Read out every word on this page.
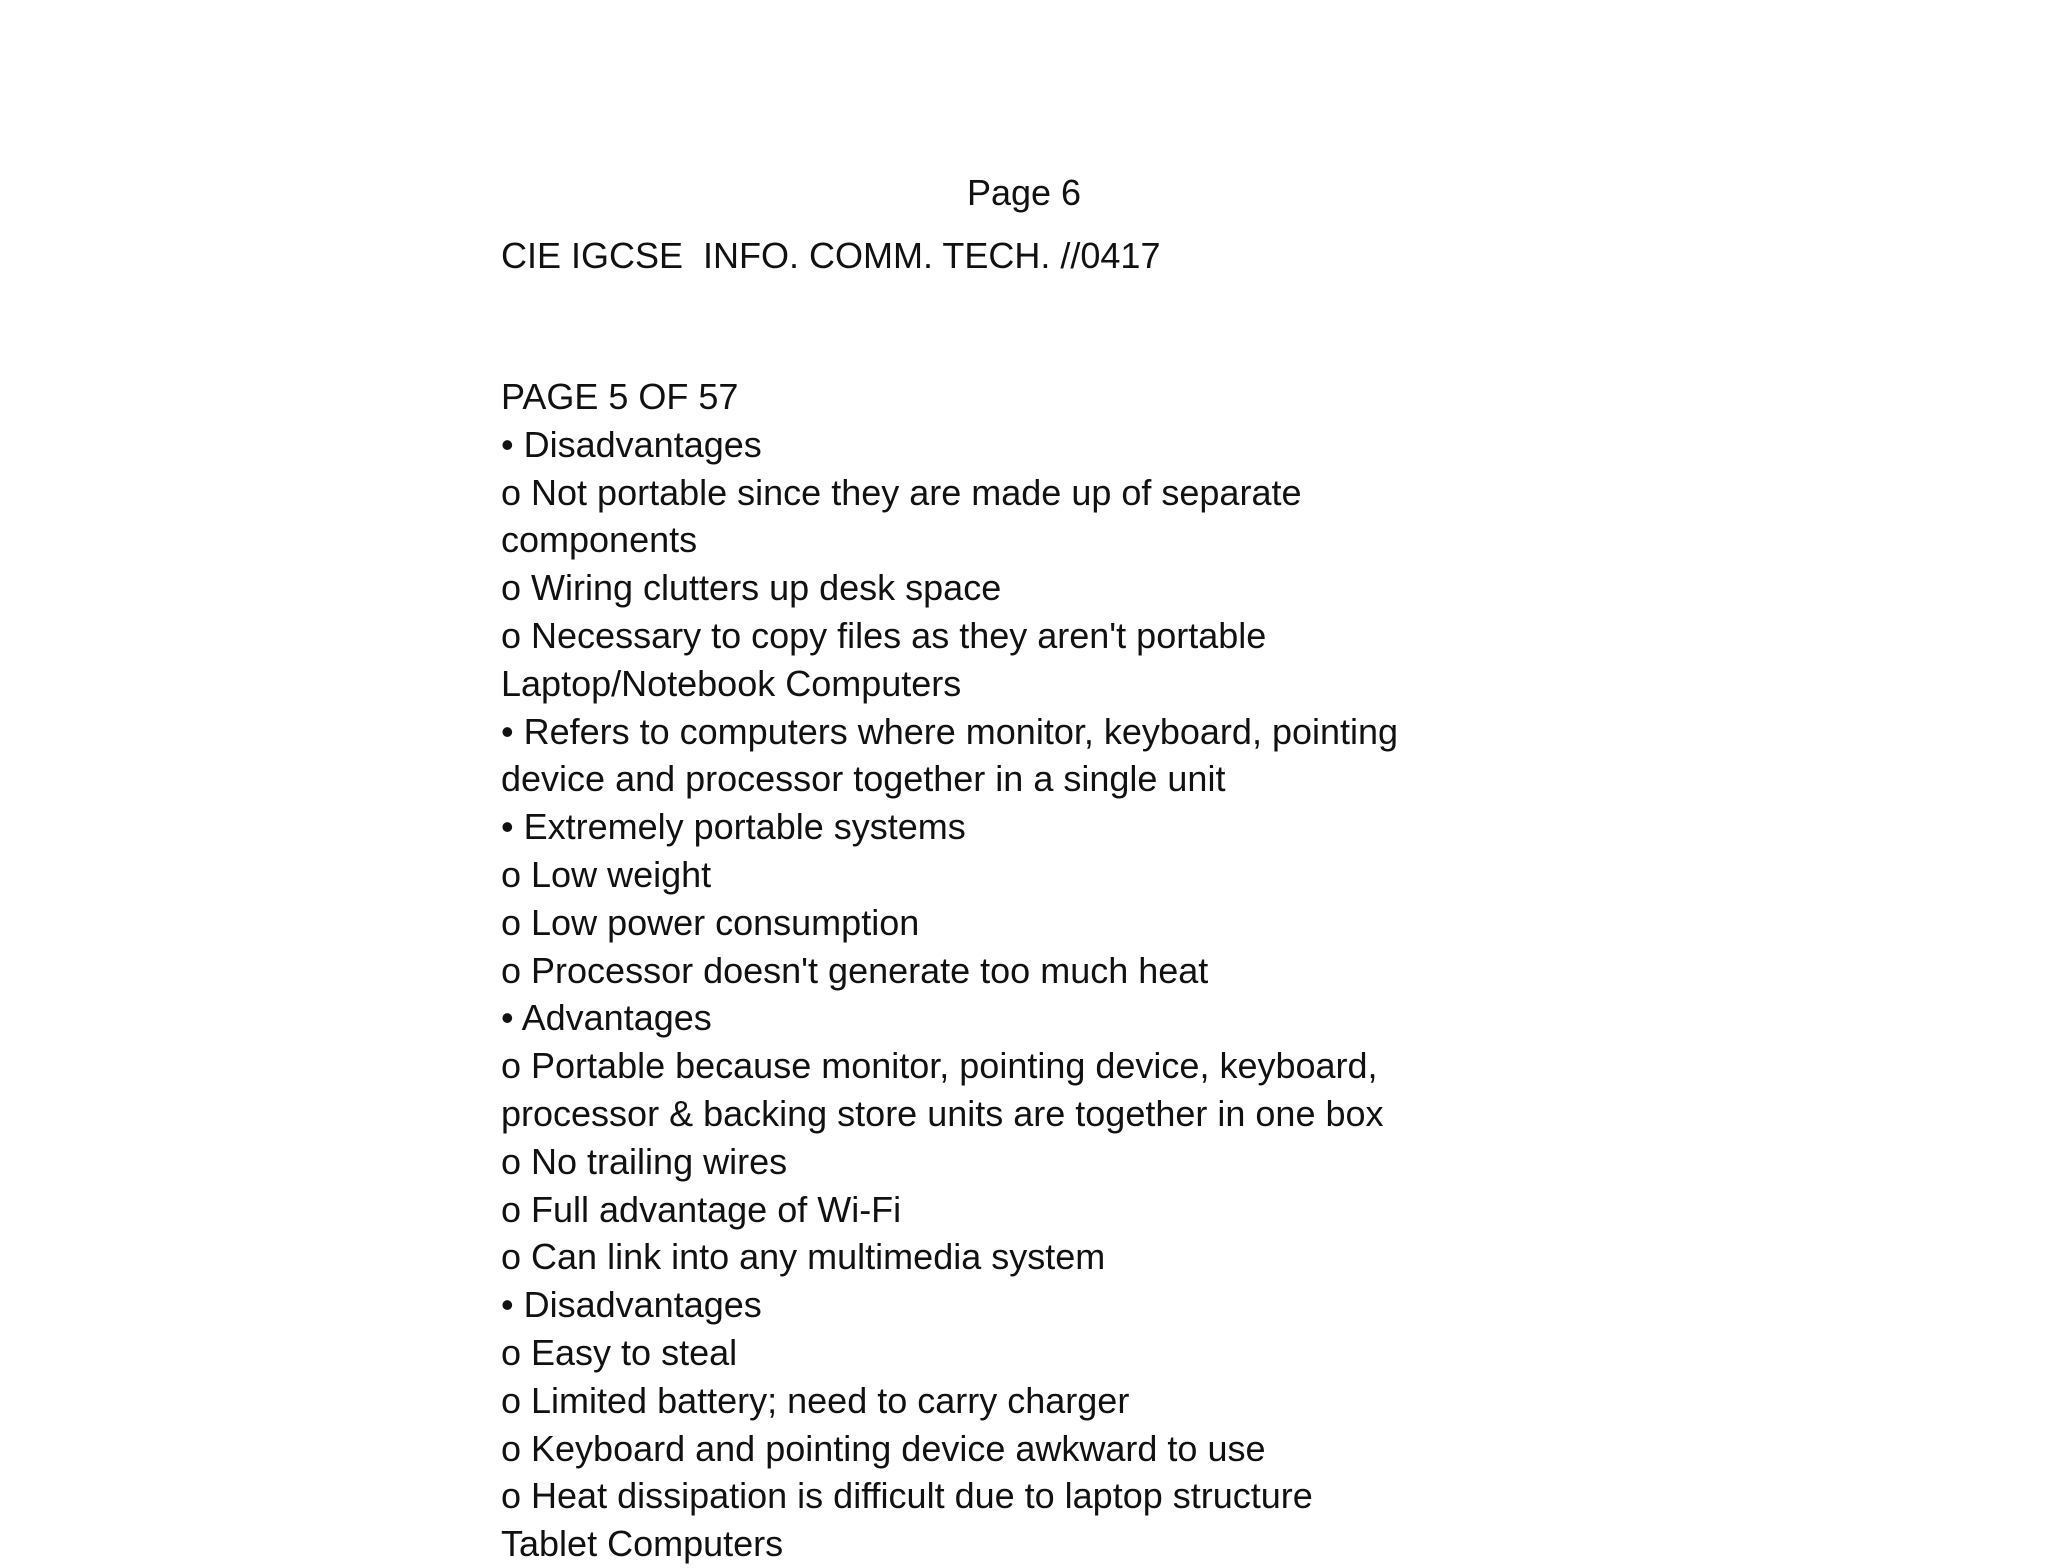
Page 6

CIE IGCSE  INFO. COMM. TECH. //0417

PAGE 5 OF 57
• Disadvantages
o Not portable since they are made up of separate
components
o Wiring clutters up desk space
o Necessary to copy files as they aren't portable
Laptop/Notebook Computers
• Refers to computers where monitor, keyboard, pointing
device and processor together in a single unit
• Extremely portable systems
o Low weight
o Low power consumption
o Processor doesn't generate too much heat
• Advantages
o Portable because monitor, pointing device, keyboard,
processor & backing store units are together in one box
o No trailing wires
o Full advantage of Wi-Fi
o Can link into any multimedia system
• Disadvantages
o Easy to steal
o Limited battery; need to carry charger
o Keyboard and pointing device awkward to use
o Heat dissipation is difficult due to laptop structure
Tablet Computers
